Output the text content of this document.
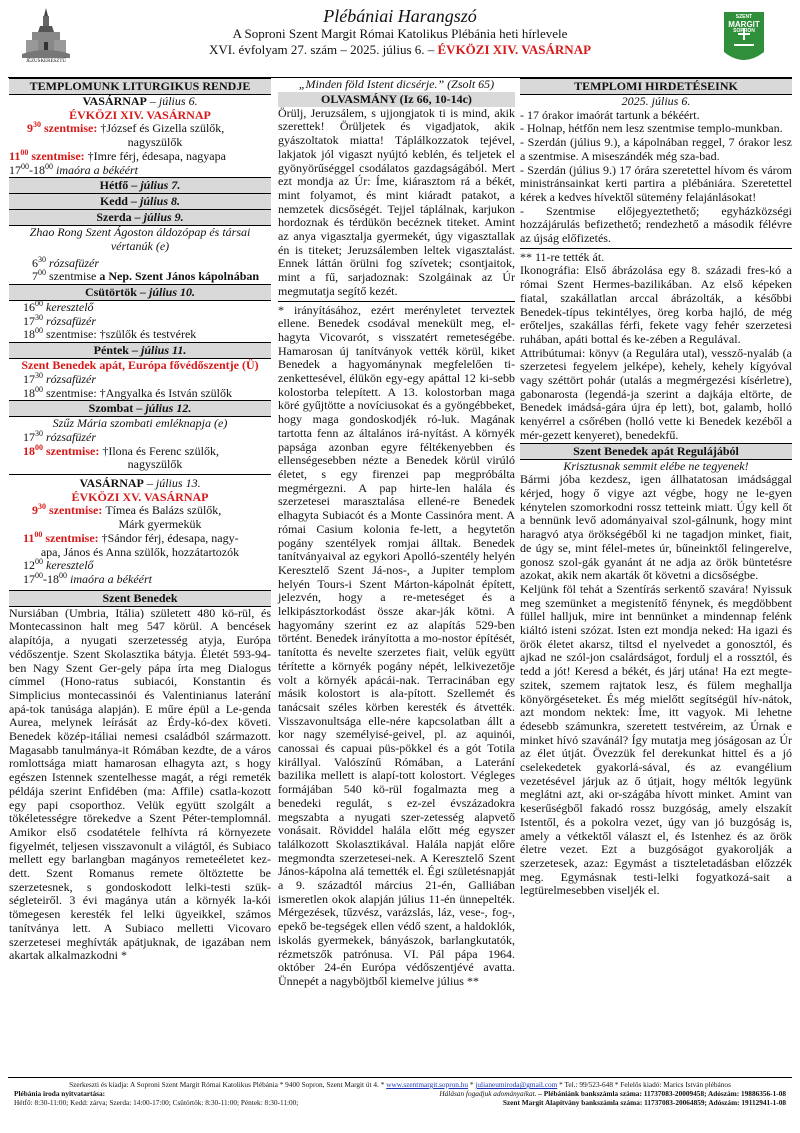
JÉZUSKERESZTŰ
Plébániai Harangszó
A Soproni Szent Margit Római Katolikus Plébánia heti hírlevele
XVI. évfolyam 27. szám – 2025. július 6. – ÉVKÖZI XIV. VASÁRNAP
SZENT
MARGIT
SOPRON
TEMPLOMUNK LITURGIKUS RENDJE
VASÁRNAP – július 6.
ÉVKÖZI XIV. VASÁRNAP
$9^{30}$ szentmise: †József és Gizella szülők,
nagyszülők
$11^{00}$ szentmise: †Imre férj, édesapa, nagyapa
$17^{00}-18^{00}$ imaóra a békéért
Hétfő – július 7.
Kedd – július 8.
Szerda – július 9.
Zhao Rong Szent Ágoston áldozópap és társai vértanúk (e)
$6^{30}$ rózsafüzér
$7^{00}$ szentmise a Nep. Szent János kápolnában
Csütörtök – július 10.
$16^{00}$ keresztelő
$17^{30}$ rózsafüzér
$18^{00}$ szentmise: †szülők és testvérek
Péntek – július 11.
Szent Benedek apát, Európa fővédőszentje (Ü)
$17^{30}$ rózsafüzér
$18^{00}$ szentmise: †Angyalka és István szülők
Szombat – július 12.
Szűz Mária szombati emléknapja (e)
$17^{30}$ rózsafüzér
$18^{00}$ szentmise: †Ilona és Ferenc szülők,
nagyszülők
VASÁRNAP – július 13.
ÉVKÖZI XV. VASÁRNAP
$9^{30}$ szentmise: Tímea és Balázs szülők,
Márk gyermekük
$11^{00}$ szentmise: †Sándor férj, édesapa, nagy-
apa, János és Anna szülők, hozzátartozók
$12^{00}$ keresztelő
$17^{00}-18^{00}$ imaóra a békéért
Szent Benedek

Nursiában (Umbria, Itália) született 480 kö-rül, és Montecassinon halt meg 547 körül. A bencések alapítója, a nyugati szerzetesség atyja, Európa védőszentje. Szent Skolasztika bátyja. Életét 593-94-ben Nagy Szent Ger-gely pápa írta meg Dialogus címmel (Hono-ratus subiacói, Konstantin és Simplicius montecassinói és Valentinianus laterání apá-tok tanúsága alapján). E műre épül a Le-genda Aurea, melynek leírását az Érdy-kó-dex követi. Benedek közép-itáliai nemesi családból származott. Magasabb tanulmánya-it Rómában kezdte, de a város romlottsága miatt hamarosan elhagyta azt, s hogy egészen Istennek szentelhesse magát, a régi remeték példája szerint Enfidében (ma: Affile) csatla-kozott egy papi csoporthoz. Velük együtt szolgált a tökéletességre törekedve a Szent Péter-templomnál. Amikor első csodatétele felhívta rá környezete figyelmét, teljesen visszavonult a világtól, és Subiaco mellett egy barlangban magányos remeteéletet kez-dett. Szent Romanus remete öltöztette be szerzetesnek, s gondoskodott lelki-testi szük-ségleteiről. 3 évi magánya után a környék la-kói tömegesen keresték fel lelki ügyeikkel, számos tanítványa lett. A Subiaco melletti Vicovaro szerzetesei meghívták apátjuknak, de igazában nem akartak alkalmazkodni *

„Minden föld Istent dicsérje.” (Zsolt 65)
OLVASMÁNY (Iz 66, 10-14c)

Örülj, Jeruzsálem, s ujjongjatok ti is mind, akik szerettek! Örüljetek és vigadjatok, akik gyászoltatok miatta! Táplálkozzatok tejével, lakjatok jól vigaszt nyújtó keblén, és teljetek el gyönyörűséggel csodálatos gazdagságából. Mert ezt mondja az Úr: Íme, kiárasztom rá a békét, mint folyamot, és mint kiáradt patakot, a nemzetek dicsőségét. Tejjel táplálnak, karjukon hordoznak és térdükön becéznek titeket. Amint az anya vigasztalja gyermekét, úgy vigasztallak én is titeket; Jeruzsálemben leltek vigasztalást. Ennek láttán örülni fog szívetek; csontjaitok, mint a fű, sarjadoznak: Szolgáinak az Úr megmutatja segítő kezét.

* irányításához, ezért merényletet terveztek ellene. Benedek csodával menekült meg, el-hagyta Vicovarót, s visszatért remeteségébe. Hamarosan új tanítványok vették körül, kiket Benedek a hagyománynak megfelelően ti-zenkettesével, élükön egy-egy apáttal 12 ki-sebb kolostorba telepített. A 13. kolostorban maga köré gyűjtötte a novíciusokat és a gyöngébbeket, hogy maga gondoskodjék ró-luk. Magának tartotta fenn az általános irá-nyítást. A környék papsága azonban egyre féltékenyebben és ellenségesebben nézte a Benedek körül virúló életet, s egy firenzei pap megpróbálta megmérgezni. A pap hirte-len halála és szerzetesei marasztalása ellené-re Benedek elhagyta Subiacót és a Monte Cassinóra ment. A római Casium kolonia fe-lett, a hegytetőn pogány szentélyek romjai álltak. Benedek tanítványaival az egykori Apolló-szentély helyén Keresztelő Szent Já-nos-, a Jupiter templom helyén Tours-i Szent Márton-kápolnát épített, jelezvén, hogy a re-meteséget és a lelkipásztorkodást össze akar-ják kötni. A hagyomány szerint ez az alapítás 529-ben történt. Benedek irányította a mo-nostor építését, tanította és nevelte szerzetes fiait, velük együtt térítette a környék pogány népét, lelkivezetője volt a környék apácái-nak. Terracinában egy másik kolostort is ala-pított. Szellemét és tanácsait széles körben keresték és átvették. Visszavonultsága elle-nére kapcsolatban állt a kor nagy személyisé-geivel, pl. az aquinói, canossai és capuai püs-pökkel és a gót Totila királlyal. Valószínű Rómában, a Laterání bazilika mellett is alapí-tott kolostort. Végleges formájában 540 kö-rül fogalmazta meg a benedeki regulát, s ez-zel évszázadokra megszabta a nyugati szer-zetesség alapvető vonásait. Röviddel halála előtt még egyszer találkozott Skolasztikával. Halála napját előre megmondta szerzetesei-nek. A Keresztelő Szent János-kápolna alá temették el. Égi születésnapját a 9. századtól március 21-én, Galliában ismeretlen okok alapján július 11-én ünnepelték. Mérgezések, tűzvész, varázslás, láz, vese-, fog-, epekő be-tegségek ellen védő szent, a haldoklók, iskolás gyermekek, bányászok, barlangkutatók, rézmetszők patrónusa. VI. Pál pápa 1964. október 24-én Európa védőszentjévé avatta. Ünnepét a nagyböjtből kiemelve július **

TEMPLOMI HIRDETÉSEINK
2025. július 6.

- 17 órakor imaórát tartunk a békéért.

- Holnap, hétfőn nem lesz szentmise templo-munkban.

- Szerdán (július 9.), a kápolnában reggel, 7 órakor lesz a szentmise. A miseszándék még sza-bad.

- Szerdán (július 9.) 17 órára szeretettel hívom és várom ministránsainkat kerti partira a plébániára. Szeretettel kérek a kedves hívektől sütemény felajánlásokat!

- Szentmise előjegyeztethető; egyházközségi hozzájárulás befizethető; rendezhető a második félévre az újság előfizetés.

** 11-re tették át.

Ikonográfia: Első ábrázolása egy 8. századi fres-kó a római Szent Hermes-bazilikában. Az első képeken fiatal, szakállatlan arccal ábrázolták, a későbbi Benedek-típus tekintélyes, öreg korba hajló, de még erőteljes, szakállas férfi, fekete vagy fehér szerzetesi ruhában, apáti bottal és ke-zében a Regulával.

Attribútumai: könyv (a Regulára utal), vessző-nyaláb (a szerzetesi fegyelem jelképe), kehely, kehely kígyóval vagy széttört pohár (utalás a megmérgezési kísérletre), gabonarosta (legendá-ja szerint a dajkája eltörte, de Benedek imádsá-gára újra ép lett), bot, galamb, holló kenyérrel a csőrében (holló vette ki Benedek kezéből a mér-gezett kenyeret), benedekfű.

Szent Benedek apát Regulájából
Krisztusnak semmit elébe ne tegyenek!

Bármi jóba kezdesz, igen állhatatosan imádsággal kérjed, hogy ő vigye azt végbe, hogy ne le-gyen kénytelen szomorkodni rossz tetteink miatt. Úgy kell őt a bennünk levő adományaival szol-gálnunk, hogy mint haragvó atya örökségéből ki ne tagadjon minket, fiait, de úgy se, mint félel-metes úr, bűneinktől felingerelve, gonosz szol-gák gyanánt át ne adja az örök büntetésre azokat, akik nem akarták őt követni a dicsőségbe.

Keljünk föl tehát a Szentírás serkentő szavára! Nyissuk meg szemünket a megistenítő fénynek, és megdöbbent füllel halljuk, mire int bennünket a mindennap felénk kiáltó isteni szózat. Isten ezt mondja neked: Ha igazi és örök életet akarsz, tiltsd el nyelvedet a gonosztól, és ajkad ne szól-jon csalárdságot, fordulj el a rossztól, és tedd a jót! Keresd a békét, és járj utána! Ha ezt megte-szitek, szemem rajtatok lesz, és fülem meghallja könyörgéseteket. És még mielőtt segítségül hív-nátok, azt mondom nektek: Íme, itt vagyok. Mi lehetne édesebb számunkra, szeretett testvéreim, az Úrnak e minket hívó szavánál? Így mutatja meg jóságosan az Úr az élet útját. Övezzük fel derekunkat hittel és a jó cselekedetek gyakorlá-sával, és az evangélium vezetésével járjuk az ő útjait, hogy méltók legyünk meglátni azt, aki or-szágába hívott minket. Amint van keserűségből fakadó rossz buzgóság, amely elszakít Istentől, és a pokolra vezet, úgy van jó buzgóság is, amely a vétkektől választ el, és Istenhez és az örök életre vezet. Ezt a buzgóságot gyakorolják a szerzetesek, azaz: Egymást a tiszteletadásban előzzék meg. Egymásnak testi-lelki fogyatkozá-sait a legtürelmesebben viseljék el.

Szerkeszti és kiadja: A Soproni Szent Margit Római Katolikus Plébánia * 9400 Sopron, Szent Margit út 4. * www.szentmargit.sopron.hu * julianeumiroda@gmail.com * Tel.: 99/523-648 * Felelős kiadó: Marics István plébános
Plébánia iroda nyitvatartása:	Hálásan fogadjuk adományaikat. – Plébániánk bankszámla száma: 11737083-20009458; Adószám: 19886356-1-08
Hétfő: 8:30-11:00; Kedd: zárva; Szerda: 14:00-17:00; Csütörtök: 8:30-11:00; Péntek: 8:30-11:00;	Szent Margit Alapítvány bankszámla száma: 11737083-20064859; Adószám: 19112941-1-08
